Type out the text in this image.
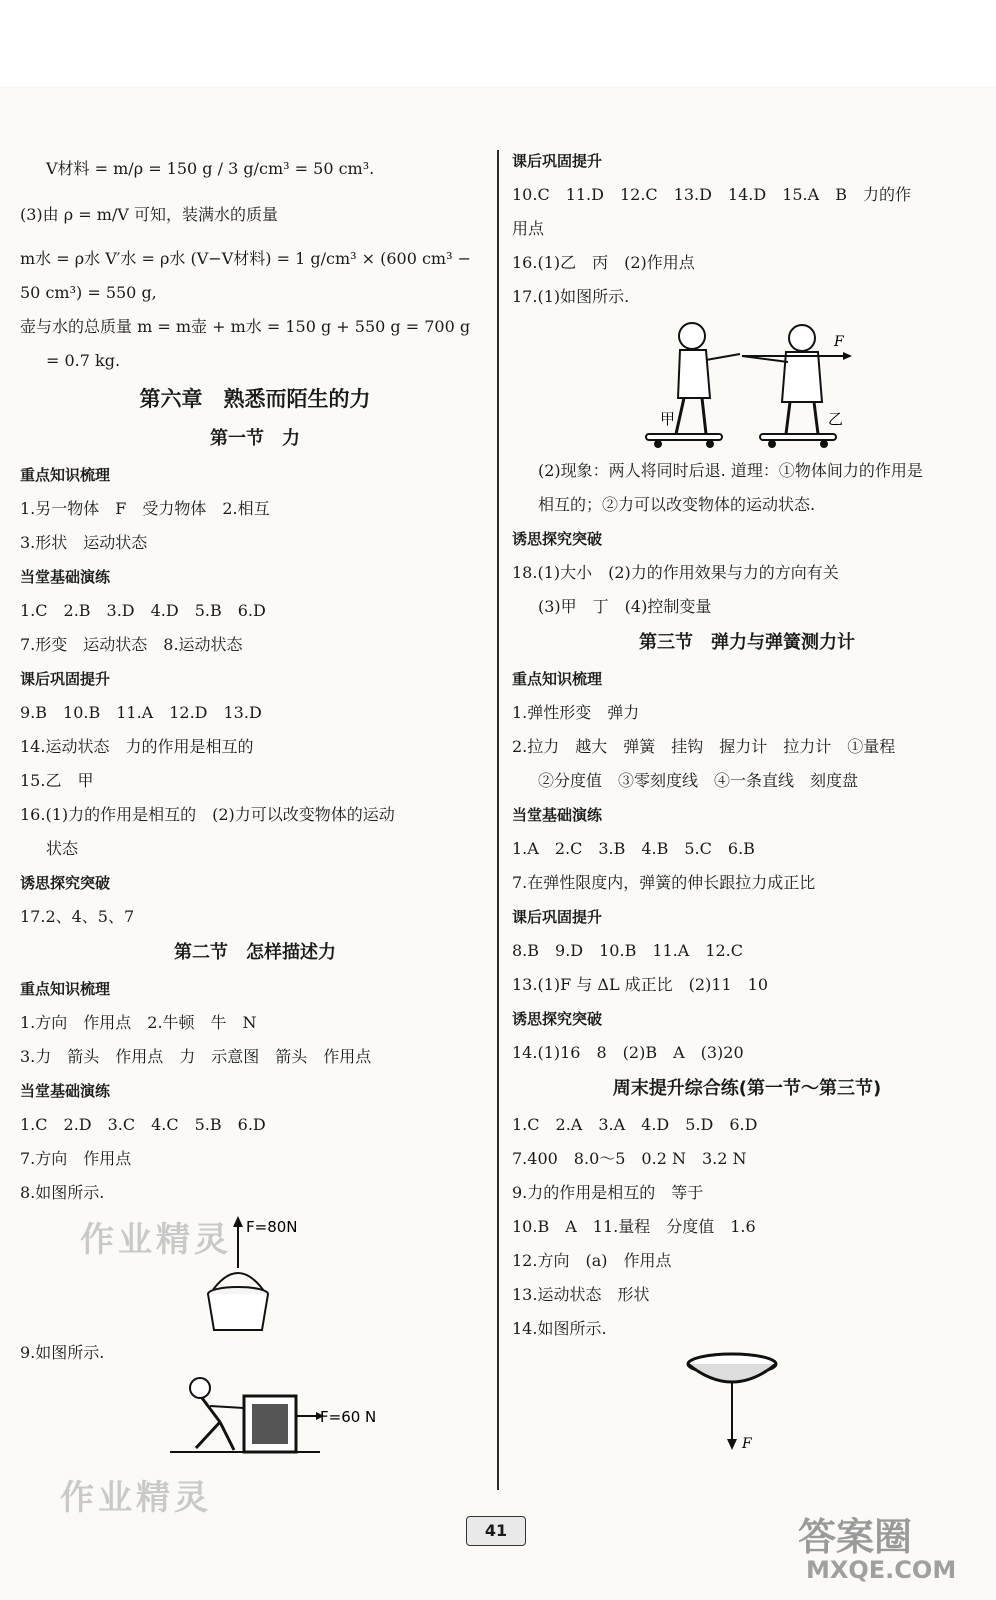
V材料 = m/ρ = 150 g / 3 g/cm³ = 50 cm³.
(3)由 ρ = m/V 可知，装满水的质量
m水 = ρ水 V′水 = ρ水 (V−V材料) = 1 g/cm³ × (600 cm³ −
50 cm³) = 550 g,
壶与水的总质量 m = m壶 + m水 = 150 g + 550 g = 700 g
= 0.7 kg.
第六章　熟悉而陌生的力
第一节　力
重点知识梳理
1.另一物体　F　受力物体　2.相互
3.形状　运动状态
当堂基础演练
1.C　2.B　3.D　4.D　5.B　6.D
7.形变　运动状态　8.运动状态
课后巩固提升
9.B　10.B　11.A　12.D　13.D
14.运动状态　力的作用是相互的
15.乙　甲
16.(1)力的作用是相互的　(2)力可以改变物体的运动
状态
诱思探究突破
17.2、4、5、7
第二节　怎样描述力
重点知识梳理
1.方向　作用点　2.牛顿　牛　N
3.力　箭头　作用点　力　示意图　箭头　作用点
当堂基础演练
1.C　2.D　3.C　4.C　5.B　6.D
7.方向　作用点
8.如图所示.
F=80N
9.如图所示.
F=60 N
课后巩固提升
10.C　11.D　12.C　13.D　14.D　15.A　B　力的作
用点
16.(1)乙　丙　(2)作用点
17.(1)如图所示.
F
甲	乙
(2)现象：两人将同时后退. 道理：①物体间力的作用是
相互的；②力可以改变物体的运动状态.
诱思探究突破
18.(1)大小　(2)力的作用效果与力的方向有关
(3)甲　丁　(4)控制变量
第三节　弹力与弹簧测力计
重点知识梳理
1.弹性形变　弹力
2.拉力　越大　弹簧　挂钩　握力计　拉力计　①量程
②分度值　③零刻度线　④一条直线　刻度盘
当堂基础演练
1.A　2.C　3.B　4.B　5.C　6.B
7.在弹性限度内，弹簧的伸长跟拉力成正比
课后巩固提升
8.B　9.D　10.B　11.A　12.C
13.(1)F 与 ΔL 成正比　(2)11　10
诱思探究突破
14.(1)16　8　(2)B　A　(3)20
周末提升综合练(第一节～第三节)
1.C　2.A　3.A　4.D　5.D　6.D
7.400　8.0～5　0.2 N　3.2 N
9.力的作用是相互的　等于
10.B　A　11.量程　分度值　1.6
12.方向　(a)　作用点
13.运动状态　形状
14.如图所示.
F
作业精灵
作业精灵
41	答案圈
MXQE.COM
